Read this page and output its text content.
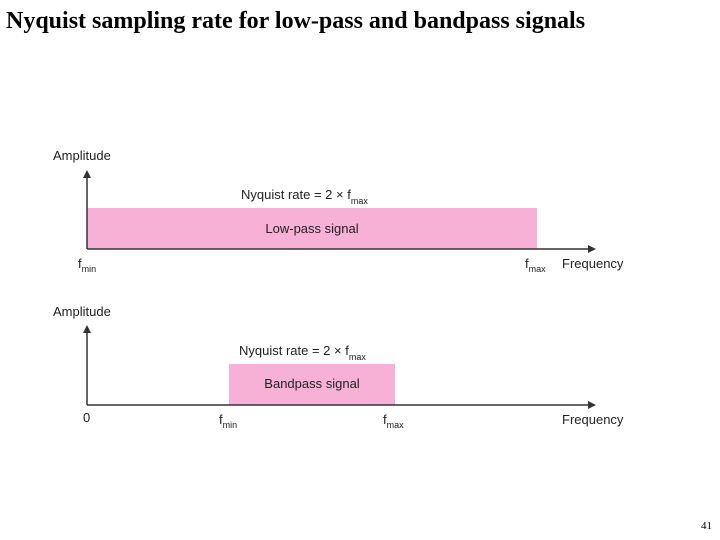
Nyquist sampling rate for low-pass and bandpass signals
Amplitude
Nyquist rate = $2 \times f_{max}$
Low-pass signal
$f_{min}$	$f_{max}$ Frequency
Amplitude
Nyquist rate = $2 \times f_{max}$
Bandpass signal
0	$f_{min}$	$f_{max}$	Frequency
41
